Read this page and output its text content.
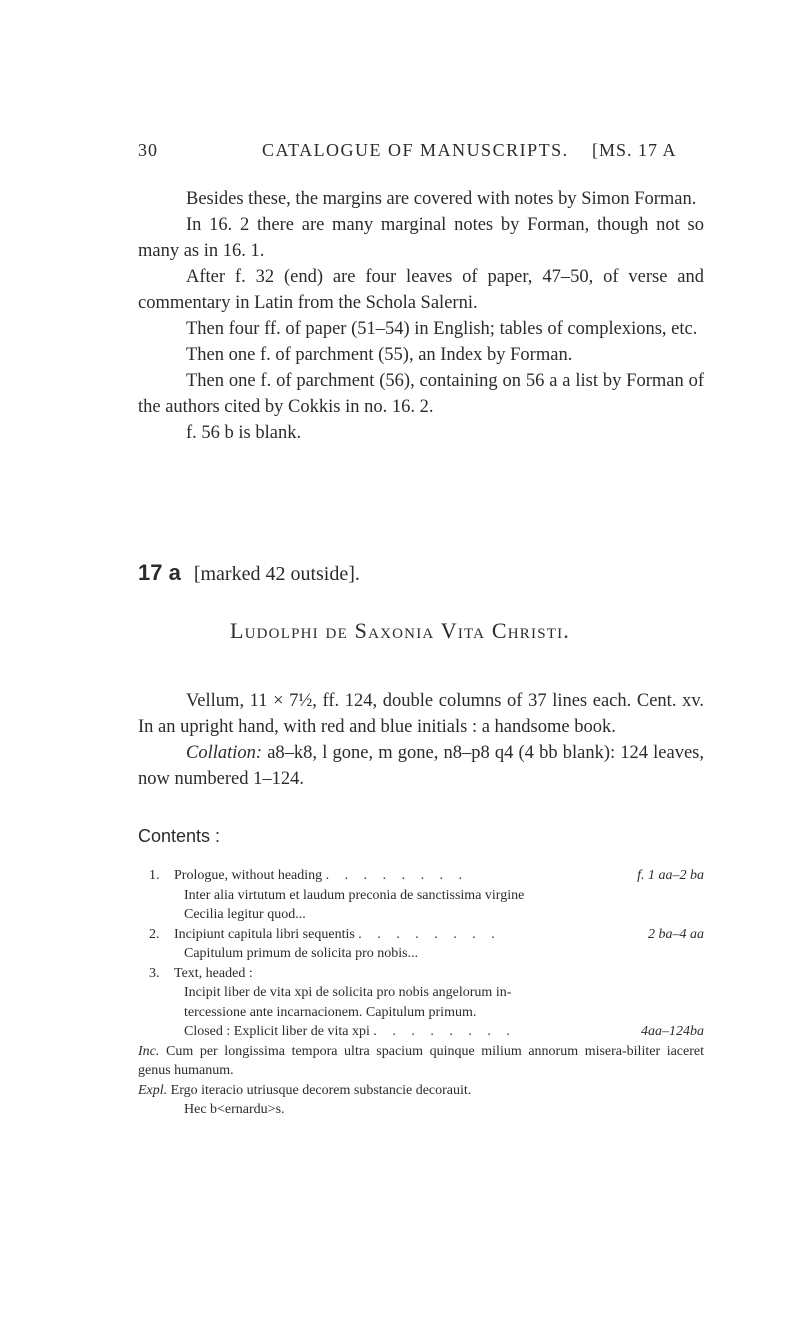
30	CATALOGUE OF MANUSCRIPTS. [MS. 17 A

Besides these, the margins are covered with notes by Simon Forman.

In 16. 2 there are many marginal notes by Forman, though not so many as in 16. 1.

After f. 32 (end) are four leaves of paper, 47–50, of verse and commentary in Latin from the Schola Salerni.

Then four ff. of paper (51–54) in English; tables of complexions, etc.

Then one f. of parchment (55), an Index by Forman.

Then one f. of parchment (56), containing on 56 a a list by Forman of the authors cited by Cokkis in no. 16. 2.

f. 56 b is blank.

17 a [marked 42 outside].
Ludolphi de Saxonia Vita Christi.

Vellum, 11 × 7½, ff. 124, double columns of 37 lines each. Cent. xv. In an upright hand, with red and blue initials : a handsome book.

Collation: a8–k8, l gone, m gone, n8–p8 q4 (4 bb blank): 124 leaves, now numbered 1–124.

Contents :
1. Prologue, without heading . . . . . . . .	f. 1 aa–2 ba
Inter alia virtutum et laudum preconia de sanctissima virgine
Cecilia legitur quod...
2. Incipiunt capitula libri sequentis . . . . . . . .	2 ba–4 aa
Capitulum primum de solicita pro nobis...
3. Text, headed :
Incipit liber de vita xpi de solicita pro nobis angelorum in-
tercessione ante incarnacionem. Capitulum primum.
Closed : Explicit liber de vita xpi . . . . . . . .	4aa–124ba

Inc. Cum per longissima tempora ultra spacium quinque milium annorum misera-biliter iaceret genus humanum.

Expl. Ergo iteracio utriusque decorem substancie decorauit.

Hec b<ernardu>s.
